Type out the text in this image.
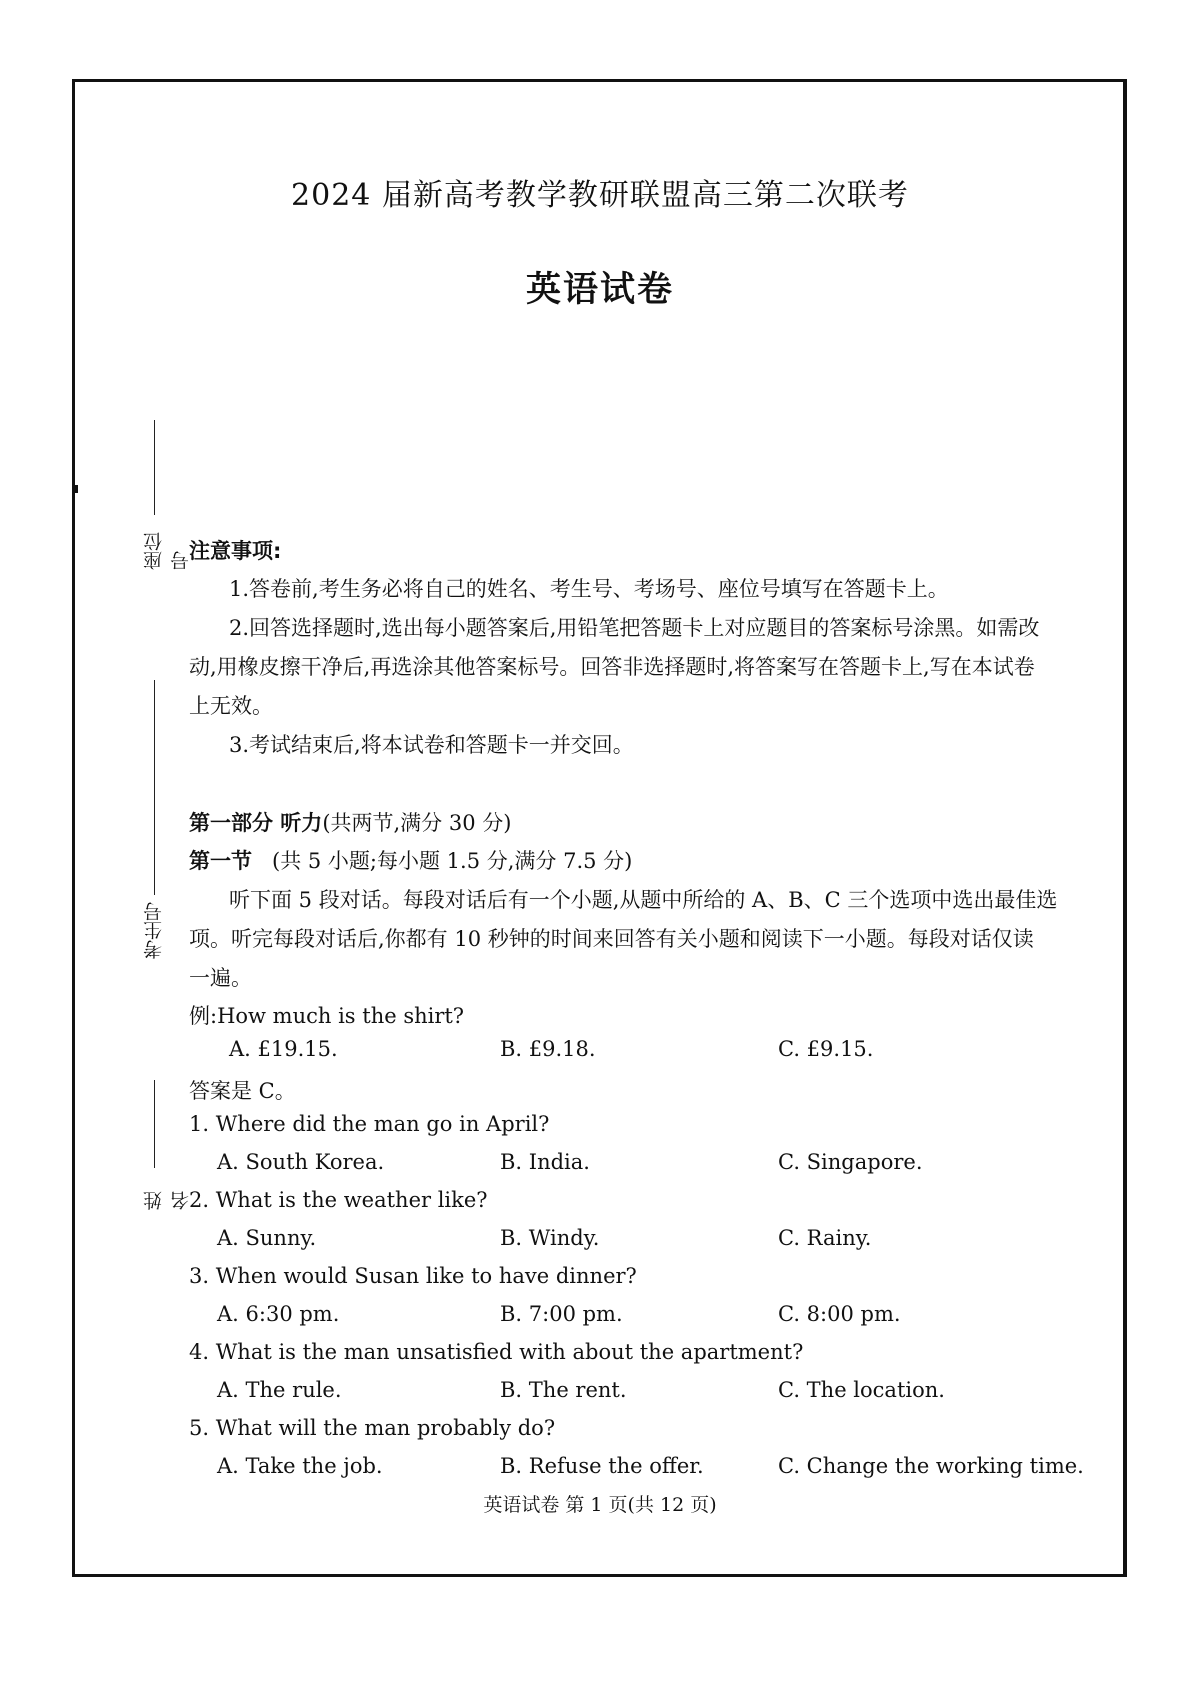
2024 届新高考教学教研联盟高三第二次联考
英语试卷
座位号
考生号
姓名
注意事项:
1.答卷前,考生务必将自己的姓名、考生号、考场号、座位号填写在答题卡上。
2.回答选择题时,选出每小题答案后,用铅笔把答题卡上对应题目的答案标号涂黑。如需改
动,用橡皮擦干净后,再选涂其他答案标号。回答非选择题时,将答案写在答题卡上,写在本试卷
上无效。
3.考试结束后,将本试卷和答题卡一并交回。
第一部分 听力(共两节,满分 30 分)
第一节 (共 5 小题;每小题 1.5 分,满分 7.5 分)
听下面 5 段对话。每段对话后有一个小题,从题中所给的 A、B、C 三个选项中选出最佳选
项。听完每段对话后,你都有 10 秒钟的时间来回答有关小题和阅读下一小题。每段对话仅读
一遍。
例:How much is the shirt?
A. £19.15.	B. £9.18.	C. £9.15.
答案是 C。
1. Where did the man go in April?
A. South Korea.	B. India.	C. Singapore.
2. What is the weather like?
A. Sunny.	B. Windy.	C. Rainy.
3. When would Susan like to have dinner?
A. 6:30 pm.	B. 7:00 pm.	C. 8:00 pm.
4. What is the man unsatisfied with about the apartment?
A. The rule.	B. The rent.	C. The location.
5. What will the man probably do?
A. Take the job.	B. Refuse the offer.	C. Change the working time.
英语试卷 第 1 页(共 12 页)
